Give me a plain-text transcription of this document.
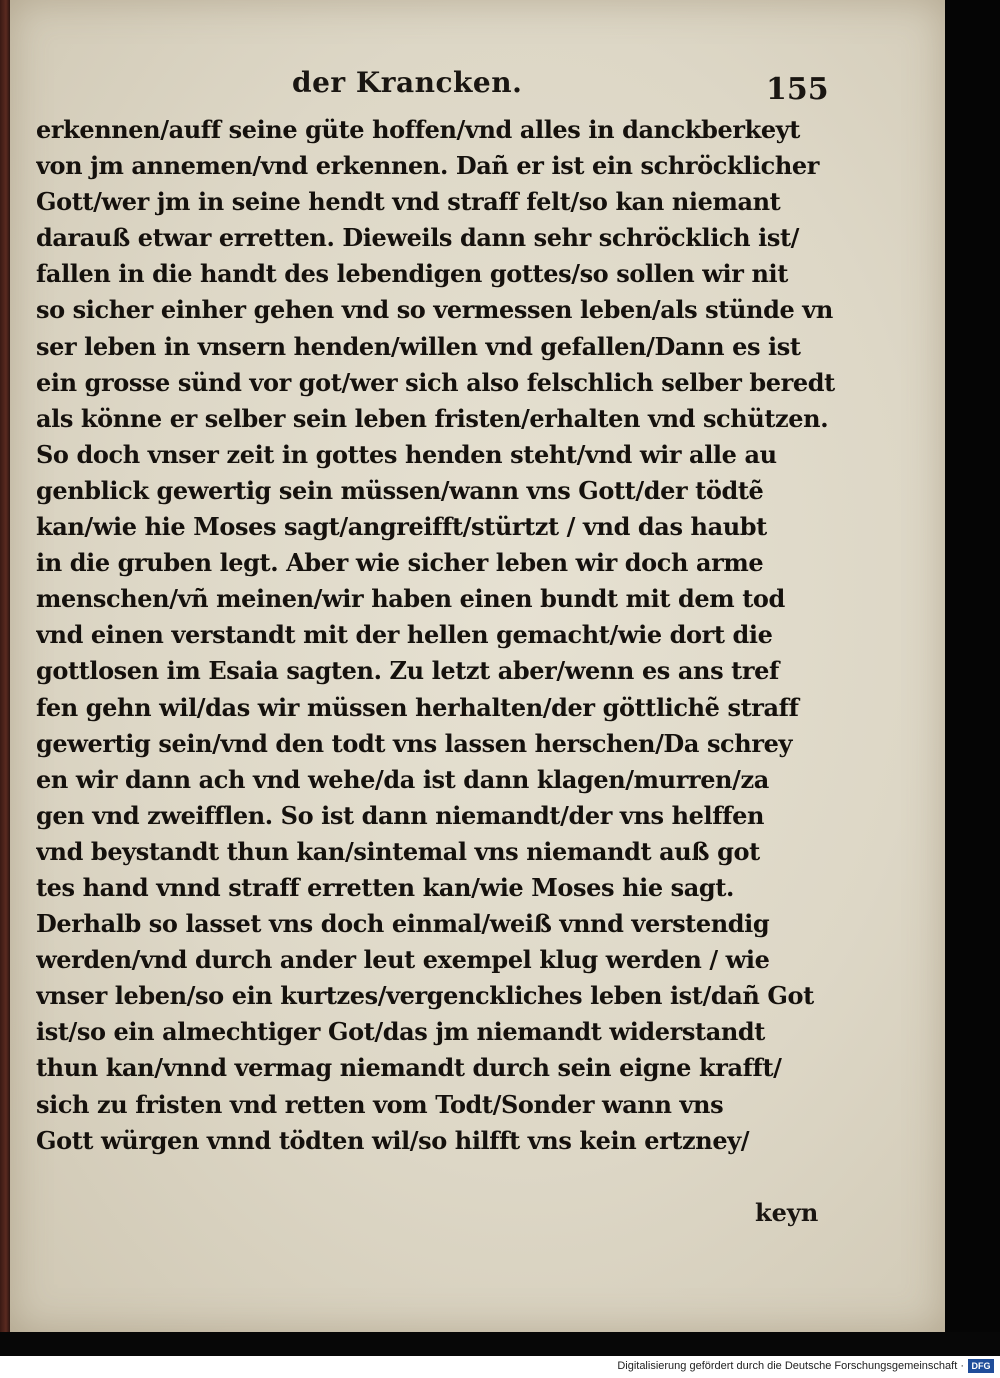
der Krancken.	155
erkennen/auff seine güte hoffen/vnd alles in danckberkeyt
von jm annemen/vnd erkennen. Dañ er ist ein schröcklicher
Gott/wer jm in seine hendt vnd straff felt/so kan niemant
darauß etwar erretten. Dieweils dann sehr schröcklich ist/
fallen in die handt des lebendigen gottes/so sollen wir nit
so sicher einher gehen vnd so vermessen leben/als stünde vn
ser leben in vnsern henden/willen vnd gefallen/Dann es ist
ein grosse sünd vor got/wer sich also felschlich selber beredt
als könne er selber sein leben fristen/erhalten vnd schützen.
So doch vnser zeit in gottes henden steht/vnd wir alle au
genblick gewertig sein müssen/wann vns Gott/der tödtẽ
kan/wie hie Moses sagt/angreifft/stürtzt / vnd das haubt
in die gruben legt. Aber wie sicher leben wir doch arme
menschen/vñ meinen/wir haben einen bundt mit dem tod
vnd einen verstandt mit der hellen gemacht/wie dort die
gottlosen im Esaia sagten. Zu letzt aber/wenn es ans tref
fen gehn wil/das wir müssen herhalten/der göttlichẽ straff
gewertig sein/vnd den todt vns lassen herschen/Da schrey
en wir dann ach vnd wehe/da ist dann klagen/murren/za
gen vnd zweifflen. So ist dann niemandt/der vns helffen
vnd beystandt thun kan/sintemal vns niemandt auß got
tes hand vnnd straff erretten kan/wie Moses hie sagt.
Derhalb so lasset vns doch einmal/weiß vnnd verstendig
werden/vnd durch ander leut exempel klug werden / wie
vnser leben/so ein kurtzes/vergenckliches leben ist/dañ Got
ist/so ein almechtiger Got/das jm niemandt widerstandt
thun kan/vnnd vermag niemandt durch sein eigne krafft/
sich zu fristen vnd retten vom Todt/Sonder wann vns
Gott würgen vnnd tödten wil/so hilfft vns kein ertzney/
keyn
Digitalisierung gefördert durch die Deutsche Forschungsgemeinschaft · DFG
